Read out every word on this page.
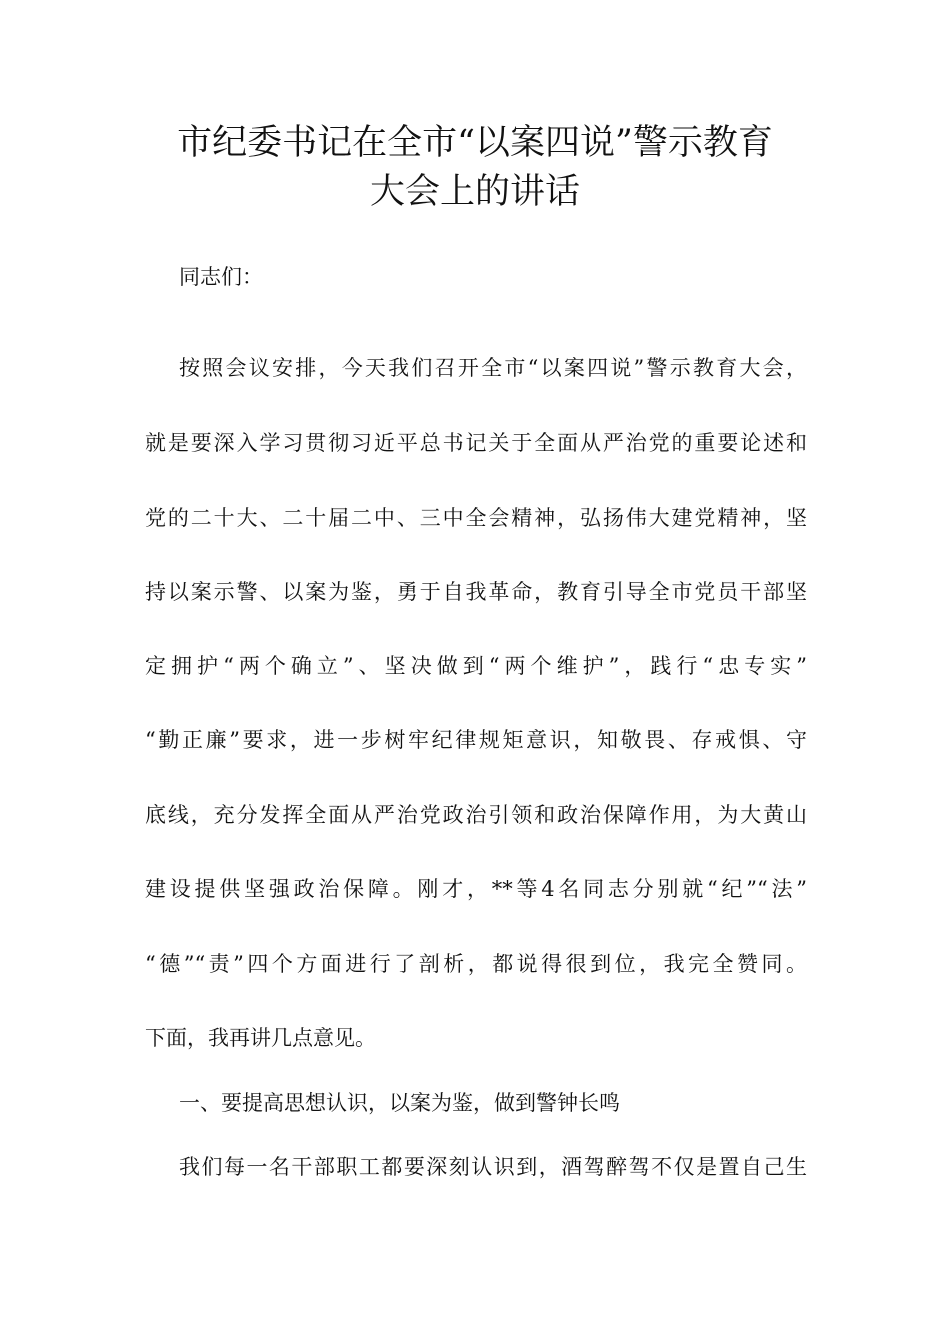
市纪委书记在全市“以案四说”警示教育
大会上的讲话
同志们：
按照会议安排，今天我们召开全市“以案四说”警示教育大会，
就是要深入学习贯彻习近平总书记关于全面从严治党的重要论述和
党的二十大、二十届二中、三中全会精神，弘扬伟大建党精神，坚
持以案示警、以案为鉴，勇于自我革命，教育引导全市党员干部坚
定拥护“两个确立”、坚决做到“两个维护”，践行“忠专实”
“勤正廉”要求，进一步树牢纪律规矩意识，知敬畏、存戒惧、守
底线，充分发挥全面从严治党政治引领和政治保障作用，为大黄山
建设提供坚强政治保障。刚才，**等4名同志分别就“纪”“法”
“德”“责”四个方面进行了剖析，都说得很到位，我完全赞同。
下面，我再讲几点意见。
一、要提高思想认识，以案为鉴，做到警钟长鸣
我们每一名干部职工都要深刻认识到，酒驾醉驾不仅是置自己生
